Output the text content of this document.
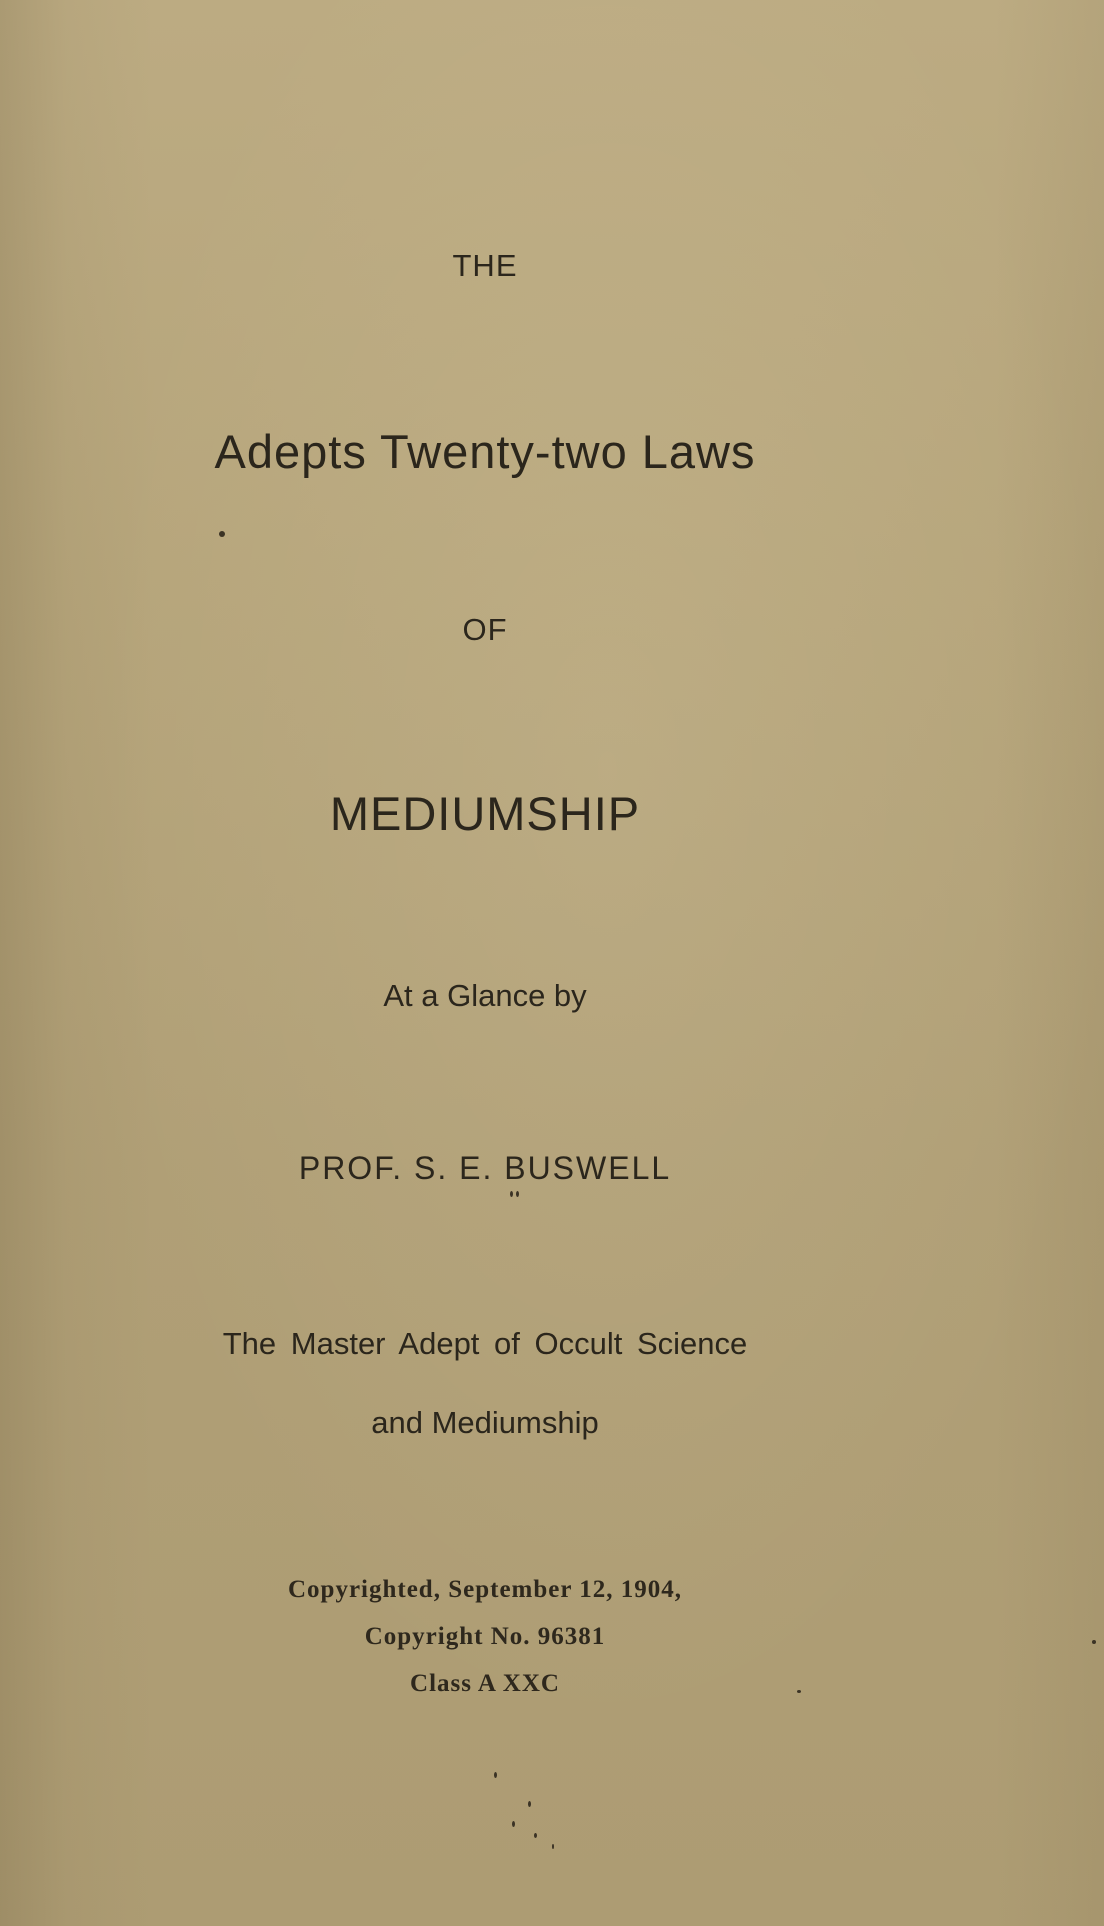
THE

Adepts Twenty-two Laws

OF

MEDIUMSHIP

At a Glance by

PROF. S. E. BUSWELL

The Master Adept of Occult Science

and Mediumship

Copyrighted, September 12, 1904,

Copyright No. 96381

Class A XXC
